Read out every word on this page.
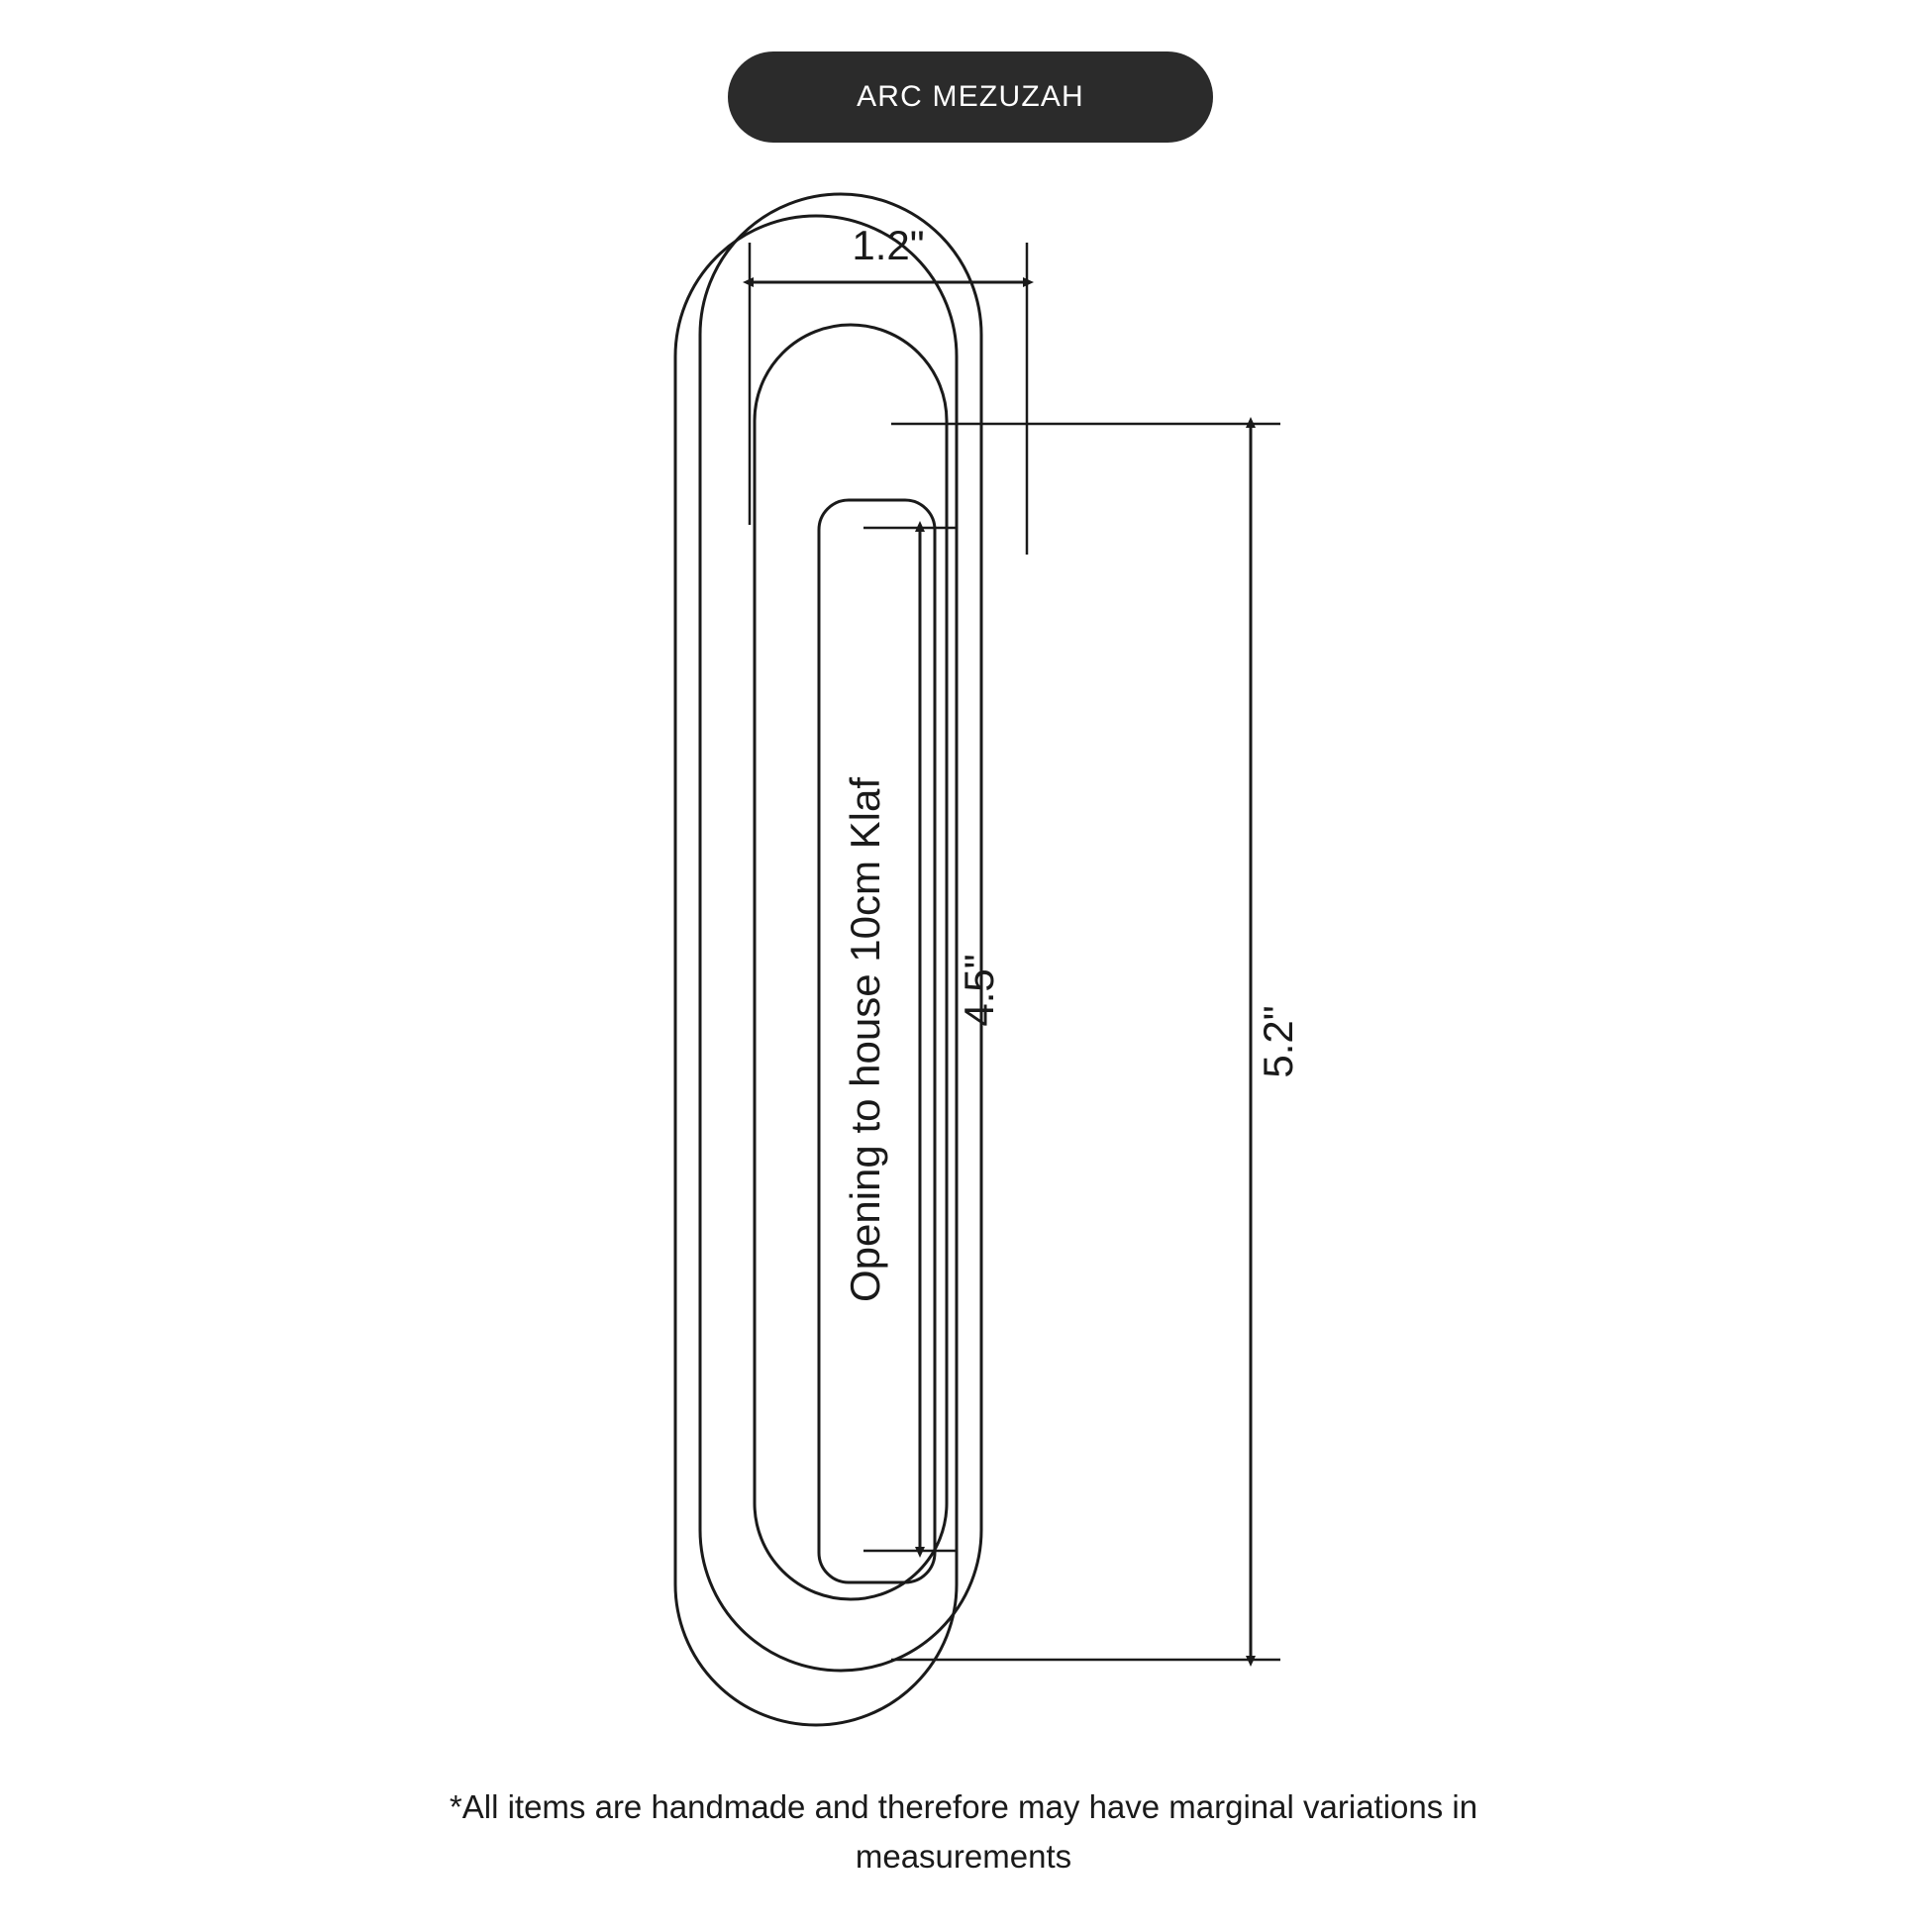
ARC MEZUZAH
1.2"
5.2"
4.5"
Opening to house 10cm Klaf
*All items are handmade and therefore may have marginal variations in
measurements
